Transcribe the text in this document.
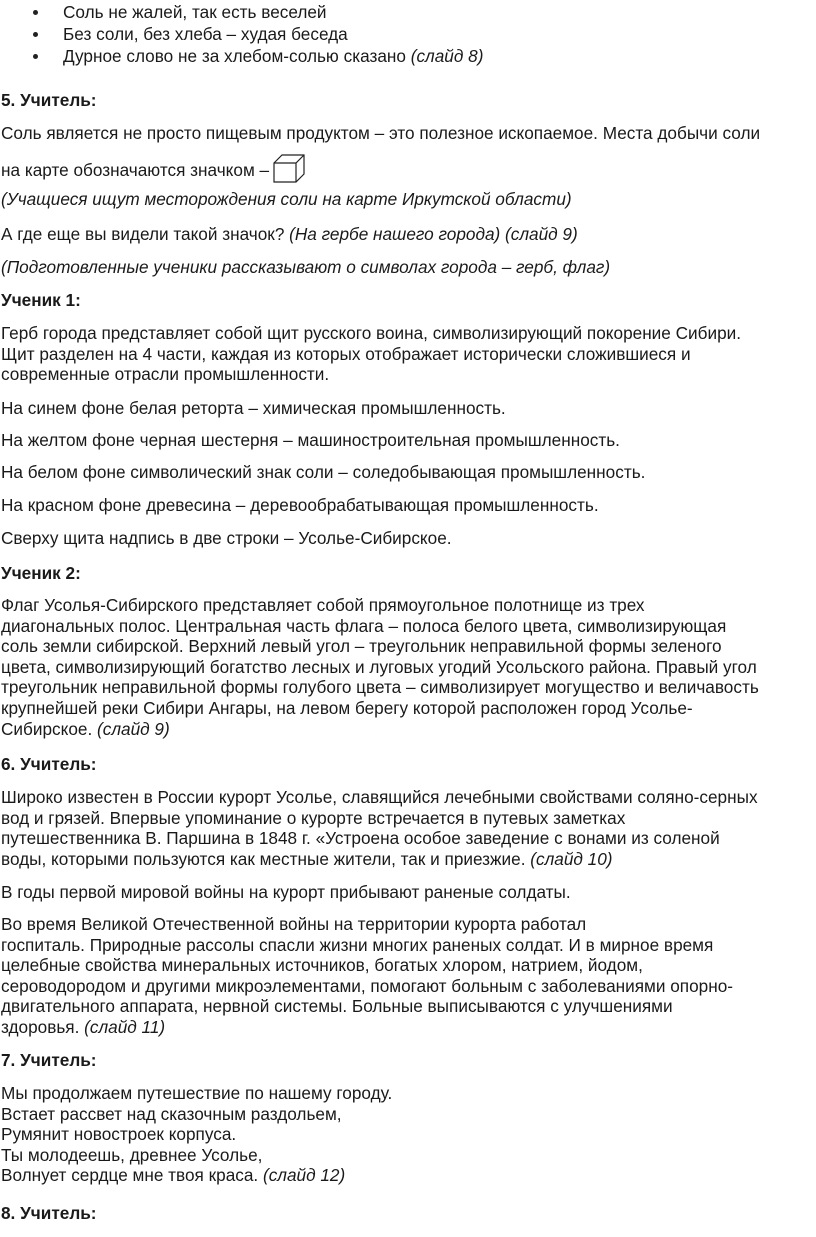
Соль не жалей, так есть веселей
Без соли, без хлеба – худая беседа
Дурное слово не за хлебом-солью сказано (слайд 8)
5. Учитель:
Соль является не просто пищевым продуктом – это полезное ископаемое. Места добычи соли
на карте обозначаются значком –
(Учащиеся ищут месторождения соли на карте Иркутской области)
А где еще вы видели такой значок? (На гербе нашего города) (слайд 9)
(Подготовленные ученики рассказывают о символах города – герб, флаг)
Ученик 1:
Герб города представляет собой щит русского воина, символизирующий покорение Сибири.
Щит разделен на 4 части, каждая из которых отображает исторически сложившиеся и
современные отрасли промышленности.
На синем фоне белая реторта – химическая промышленность.
На желтом фоне черная шестерня – машиностроительная промышленность.
На белом фоне символический знак соли – соледобывающая промышленность.
На красном фоне древесина – деревообрабатывающая промышленность.
Сверху щита надпись в две строки – Усолье-Сибирское.
Ученик 2:
Флаг Усолья-Сибирского представляет собой прямоугольное полотнище из трех
диагональных полос. Центральная часть флага – полоса белого цвета, символизирующая
соль земли сибирской. Верхний левый угол – треугольник неправильной формы зеленого
цвета, символизирующий богатство лесных и луговых угодий Усольского района. Правый угол
треугольник неправильной формы голубого цвета – символизирует могущество и величавость
крупнейшей реки Сибири Ангары, на левом берегу которой расположен город Усолье-
Сибирское. (слайд 9)
6. Учитель:
Широко известен в России курорт Усолье, славящийся лечебными свойствами соляно-серных
вод и грязей. Впервые упоминание о курорте встречается в путевых заметках
путешественника В. Паршина в 1848 г. «Устроена особое заведение с вонами из соленой
воды, которыми пользуются как местные жители, так и приезжие. (слайд 10)
В годы первой мировой войны на курорт прибывают раненые солдаты.
Во время Великой Отечественной войны на территории курорта работал
госпиталь. Природные рассолы спасли жизни многих раненых солдат. И в мирное время
целебные свойства минеральных источников, богатых хлором, натрием, йодом,
сероводородом и другими микроэлементами, помогают больным с заболеваниями опорно-
двигательного аппарата, нервной системы. Больные выписываются с улучшениями
здоровья. (слайд 11)
7. Учитель:
Мы продолжаем путешествие по нашему городу.
Встает рассвет над сказочным раздольем,
Румянит новостроек корпуса.
Ты молодеешь, древнее Усолье,
Волнует сердце мне твоя краса. (слайд 12)
8. Учитель:
